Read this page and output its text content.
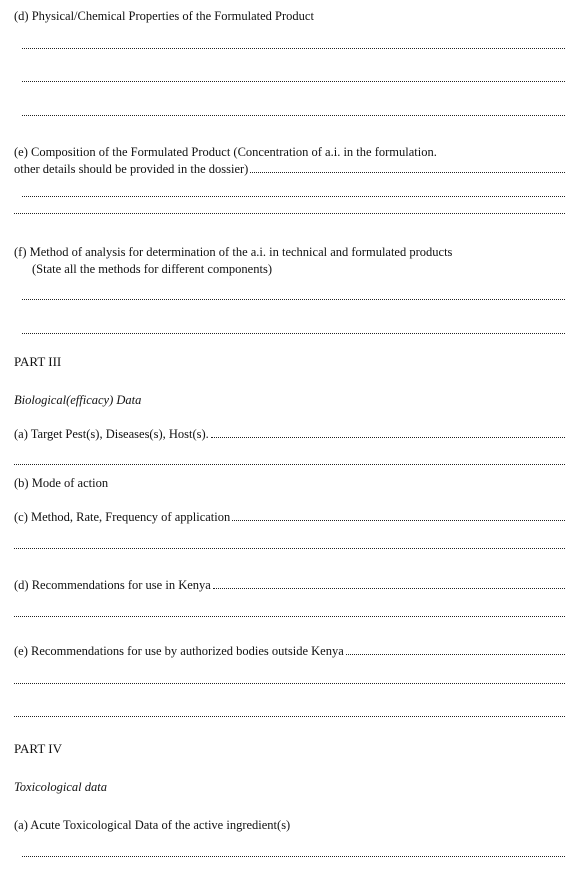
(d) Physical/Chemical Properties of the Formulated Product
(e) Composition of the Formulated Product (Concentration of a.i. in the formulation.
other details should be provided in the dossier)
(f) Method of analysis for determination of the a.i. in technical and formulated products
(State all the methods for different components)
PART III
Biological(efficacy) Data
(a) Target Pest(s), Diseases(s), Host(s).
(b) Mode of action
(c) Method, Rate, Frequency of application
(d) Recommendations for use in Kenya
(e) Recommendations for use by authorized bodies outside Kenya
PART IV
Toxicological data
(a) Acute Toxicological Data of the active ingredient(s)
